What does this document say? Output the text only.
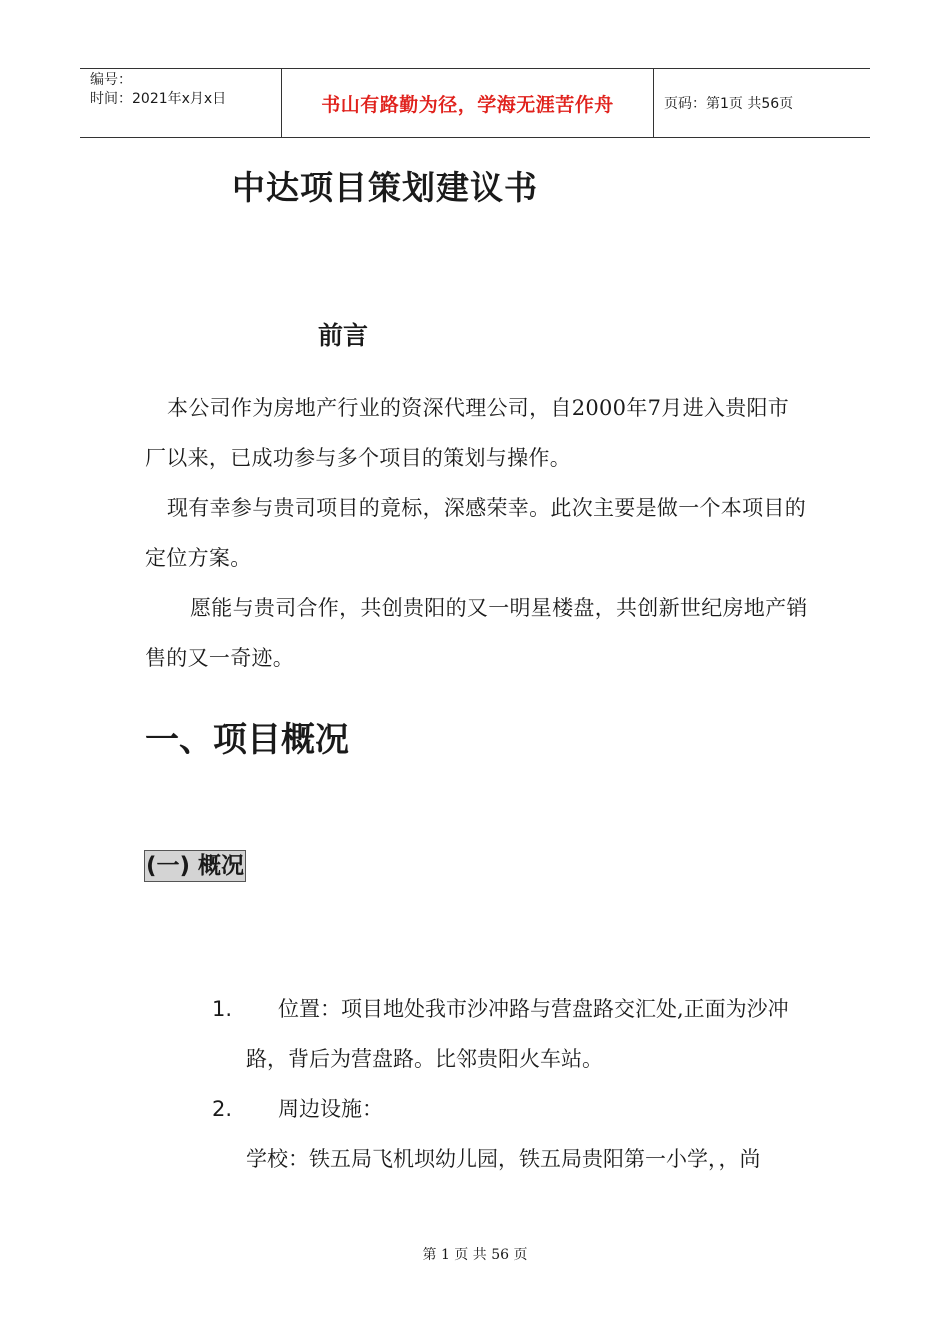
编号：
时间：2021年x月x日	书山有路勤为径，学海无涯苦作舟	页码：第1页 共56页
中达项目策划建议书
前言

本公司作为房地产行业的资深代理公司，自2000年7月进入贵阳市厂以来，已成功参与多个项目的策划与操作。

现有幸参与贵司项目的竟标，深感荣幸。此次主要是做一个本项目的定位方案。

愿能与贵司合作，共创贵阳的又一明星楼盘，共创新世纪房地产销售的又一奇迹。

一、项目概况
(一) 概况
1.	位置：项目地处我市沙冲路与营盘路交汇处,正面为沙冲路，背后为营盘路。比邻贵阳火车站。
2.	周边设施：
学校：铁五局飞机坝幼儿园，铁五局贵阳第一小学，，尚
第 1 页 共 56 页
